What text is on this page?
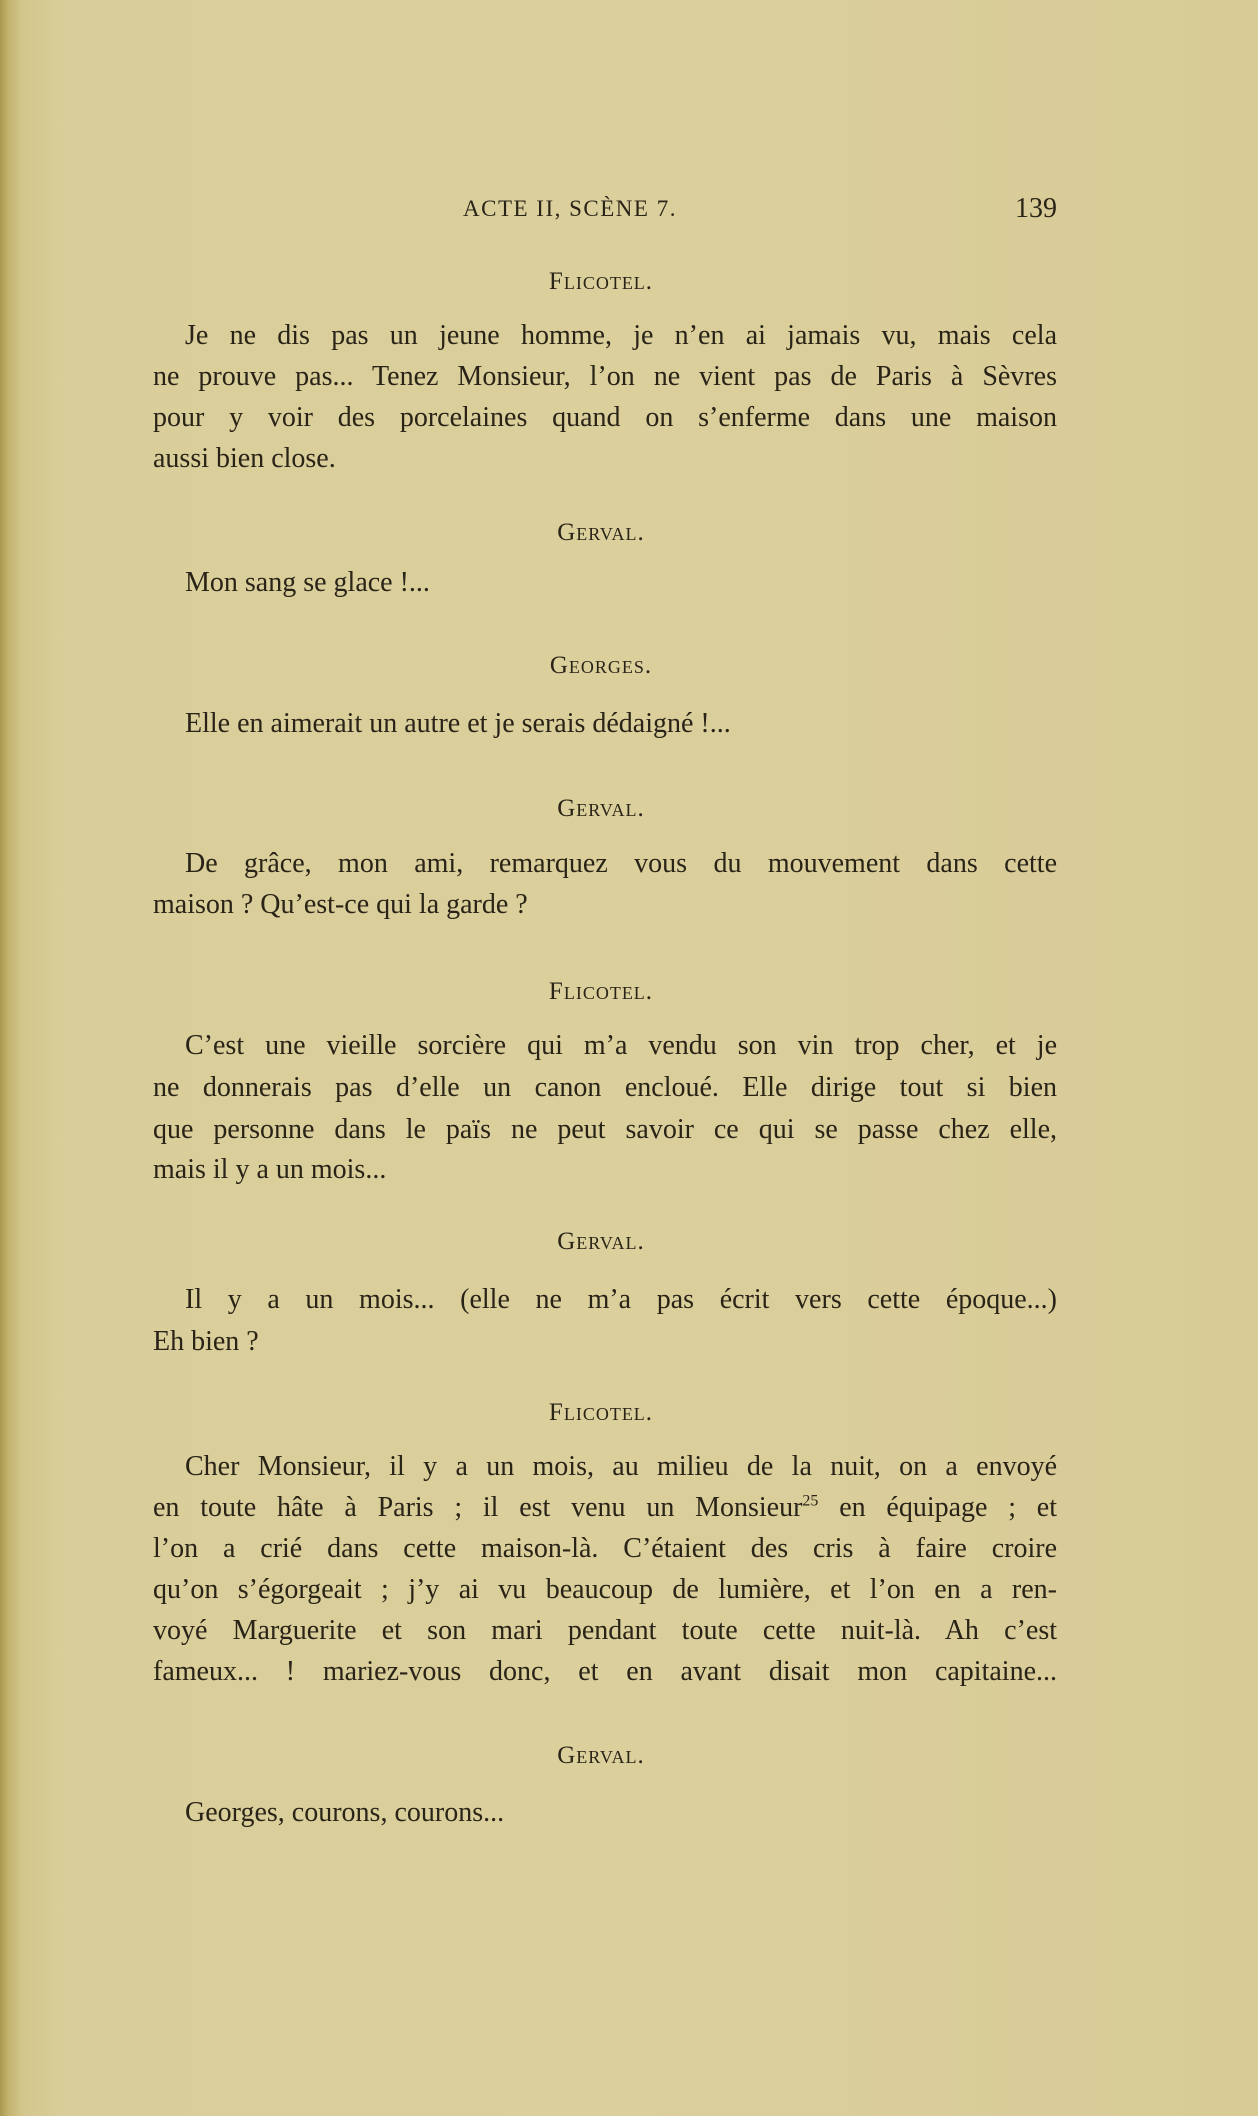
ACTE II, SCÈNE 7.	139
Flicotel.
Je ne dis pas un jeune homme, je n’en ai jamais vu, mais cela
ne prouve pas... Tenez Monsieur, l’on ne vient pas de Paris à Sèvres
pour y voir des porcelaines quand on s’enferme dans une maison
aussi bien close.
Gerval.
Mon sang se glace !...
Georges.
Elle en aimerait un autre et je serais dédaigné !...
Gerval.
De grâce, mon ami, remarquez vous du mouvement dans cette
maison ? Qu’est-ce qui la garde ?
Flicotel.
C’est une vieille sorcière qui m’a vendu son vin trop cher, et je
ne donnerais pas d’elle un canon encloué. Elle dirige tout si bien
que personne dans le païs ne peut savoir ce qui se passe chez elle,
mais il y a un mois...
Gerval.
Il y a un mois... (elle ne m’a pas écrit vers cette époque...)
Eh bien ?
Flicotel.
Cher Monsieur, il y a un mois, au milieu de la nuit, on a envoyé
en toute hâte à Paris ; il est venu un Monsieur$^{25}$ en équipage ; et
l’on a crié dans cette maison-là. C’étaient des cris à faire croire
qu’on s’égorgeait ; j’y ai vu beaucoup de lumière, et l’on en a ren-
voyé Marguerite et son mari pendant toute cette nuit-là. Ah c’est
fameux... ! mariez-vous donc, et en avant disait mon capitaine...
Gerval.
Georges, courons, courons...
